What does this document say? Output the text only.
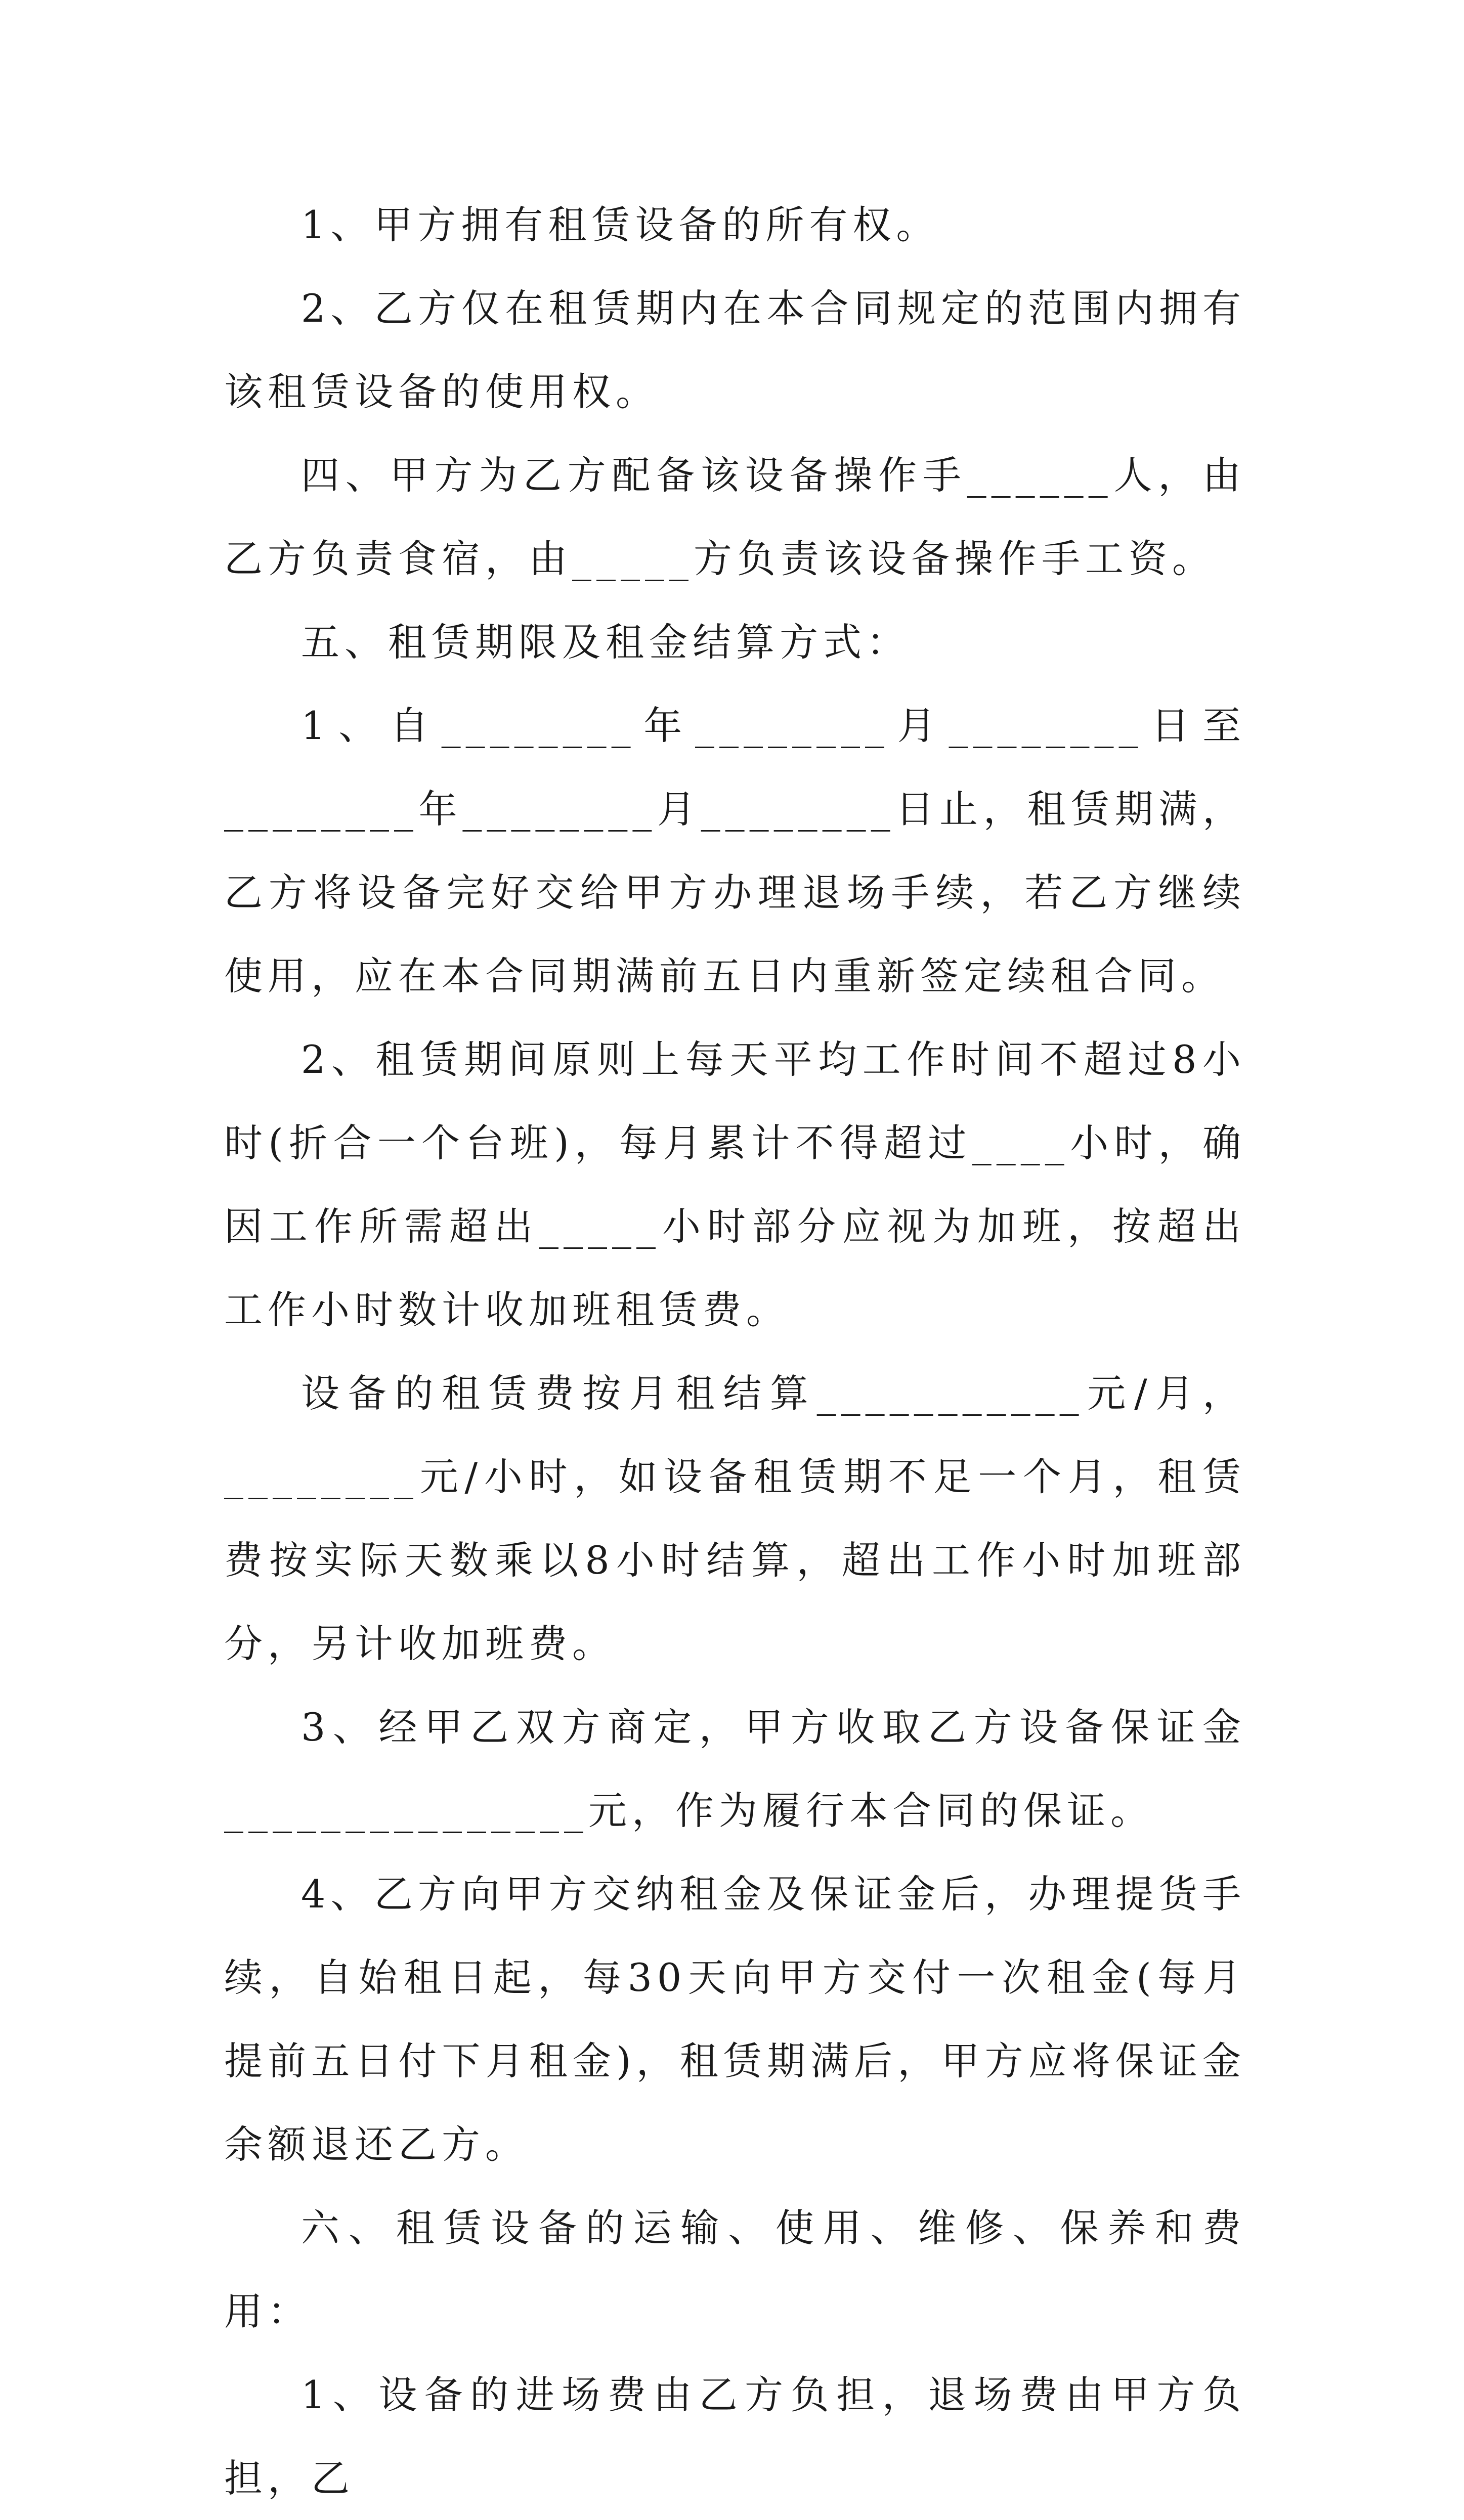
1、甲方拥有租赁设备的所有权。

2、乙方仅在租赁期内在本合同规定的范围内拥有该租赁设备的使用权。

四、甲方为乙方配备该设备操作手______人，由乙方负责食宿，由_____方负责该设备操作手工资。

五、租赁期限及租金结算方式：

1、自________年________月________日至________年________月________日止，租赁期满，乙方将设备完好交给甲方办理退场手续，若乙方继续使用，应在本合同期满前五日内重新签定续租合同。

2、租赁期间原则上每天平均工作时间不超过8小时(折合一个台班)，每月累计不得超过____小时，确因工作所需超出_____小时部分应视为加班，按超出工作小时数计收加班租赁费。

设备的租赁费按月租结算___________元/月，________元/小时，如设备租赁期不足一个月，租赁费按实际天数乘以8小时结算，超出工作小时加班部分，另计收加班费。

3、经甲乙双方商定，甲方收取乙方设备保证金_______________元，作为履行本合同的保证。

4、乙方向甲方交纳租金及保证金后，办理提货手续，自始租日起，每30天向甲方交付一次租金(每月提前五日付下月租金)，租赁期满后，甲方应将保证金余额退还乙方。

六、租赁设备的运输、使用、维修、保养和费用：

1、设备的进场费由乙方负担，退场费由甲方负担，乙
